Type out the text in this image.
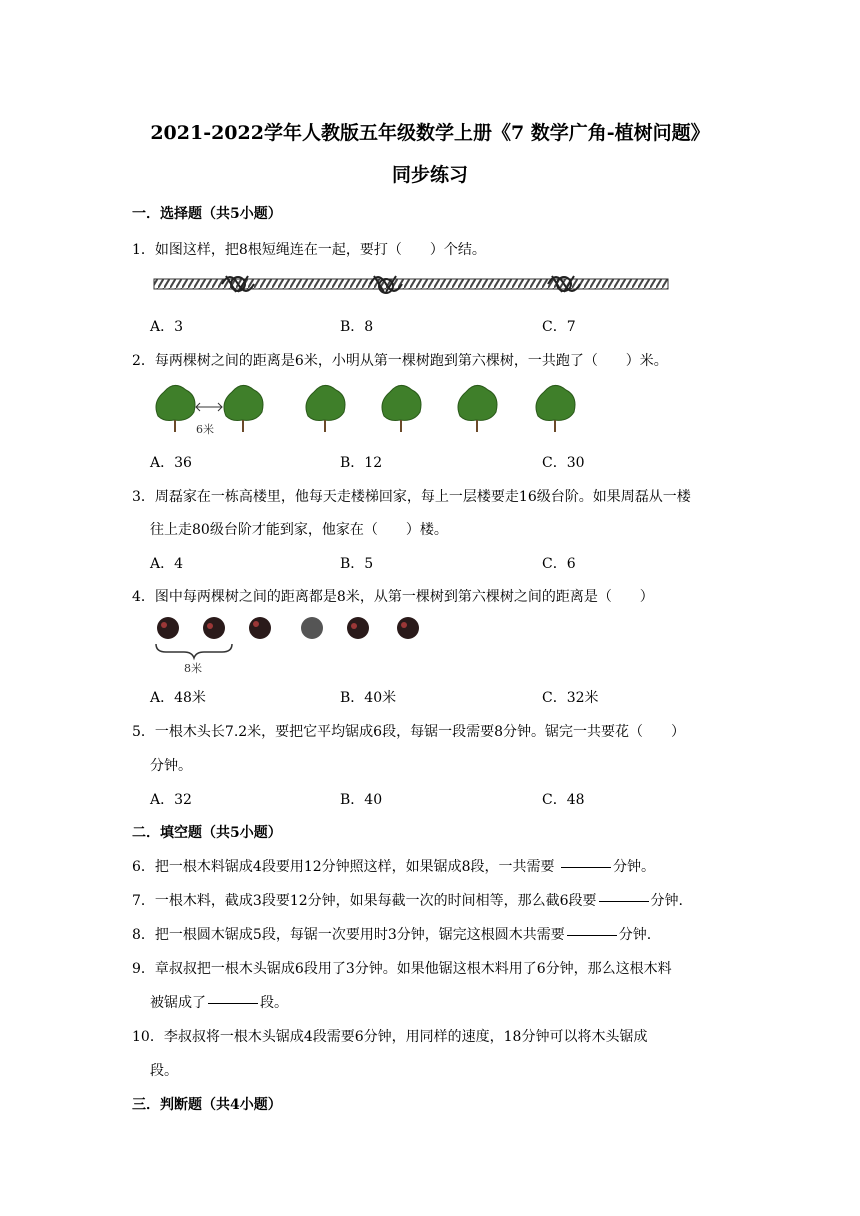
2021-2022学年人教版五年级数学上册《7 数学广角-植树问题》
同步练习
一．选择题（共5小题）
1．如图这样，把8根短绳连在一起，要打（　　）个结。
A．3	B．8	C．7
2．每两棵树之间的距离是6米，小明从第一棵树跑到第六棵树，一共跑了（　　）米。
6米
A．36	B．12	C．30
3．周磊家在一栋高楼里，他每天走楼梯回家，每上一层楼要走16级台阶。如果周磊从一楼
往上走80级台阶才能到家，他家在（　　）楼。
A．4	B．5	C．6
4．图中每两棵树之间的距离都是8米，从第一棵树到第六棵树之间的距离是（　　）
8米
A．48米	B．40米	C．32米
5．一根木头长7.2米，要把它平均锯成6段，每锯一段需要8分钟。锯完一共要花（　　）
分钟。
A．32	B．40	C．48
二．填空题（共5小题）
6．把一根木料锯成4段要用12分钟照这样，如果锯成8段，一共需要	分钟。
7．一根木料，截成3段要12分钟，如果每截一次的时间相等，那么截6段要	分钟.
8．把一根圆木锯成5段，每锯一次要用时3分钟，锯完这根圆木共需要	分钟.
9．章叔叔把一根木头锯成6段用了3分钟。如果他锯这根木料用了6分钟，那么这根木料
被锯成了	段。
10．李叔叔将一根木头锯成4段需要6分钟，用同样的速度，18分钟可以将木头锯成
段。
三．判断题（共4小题）
